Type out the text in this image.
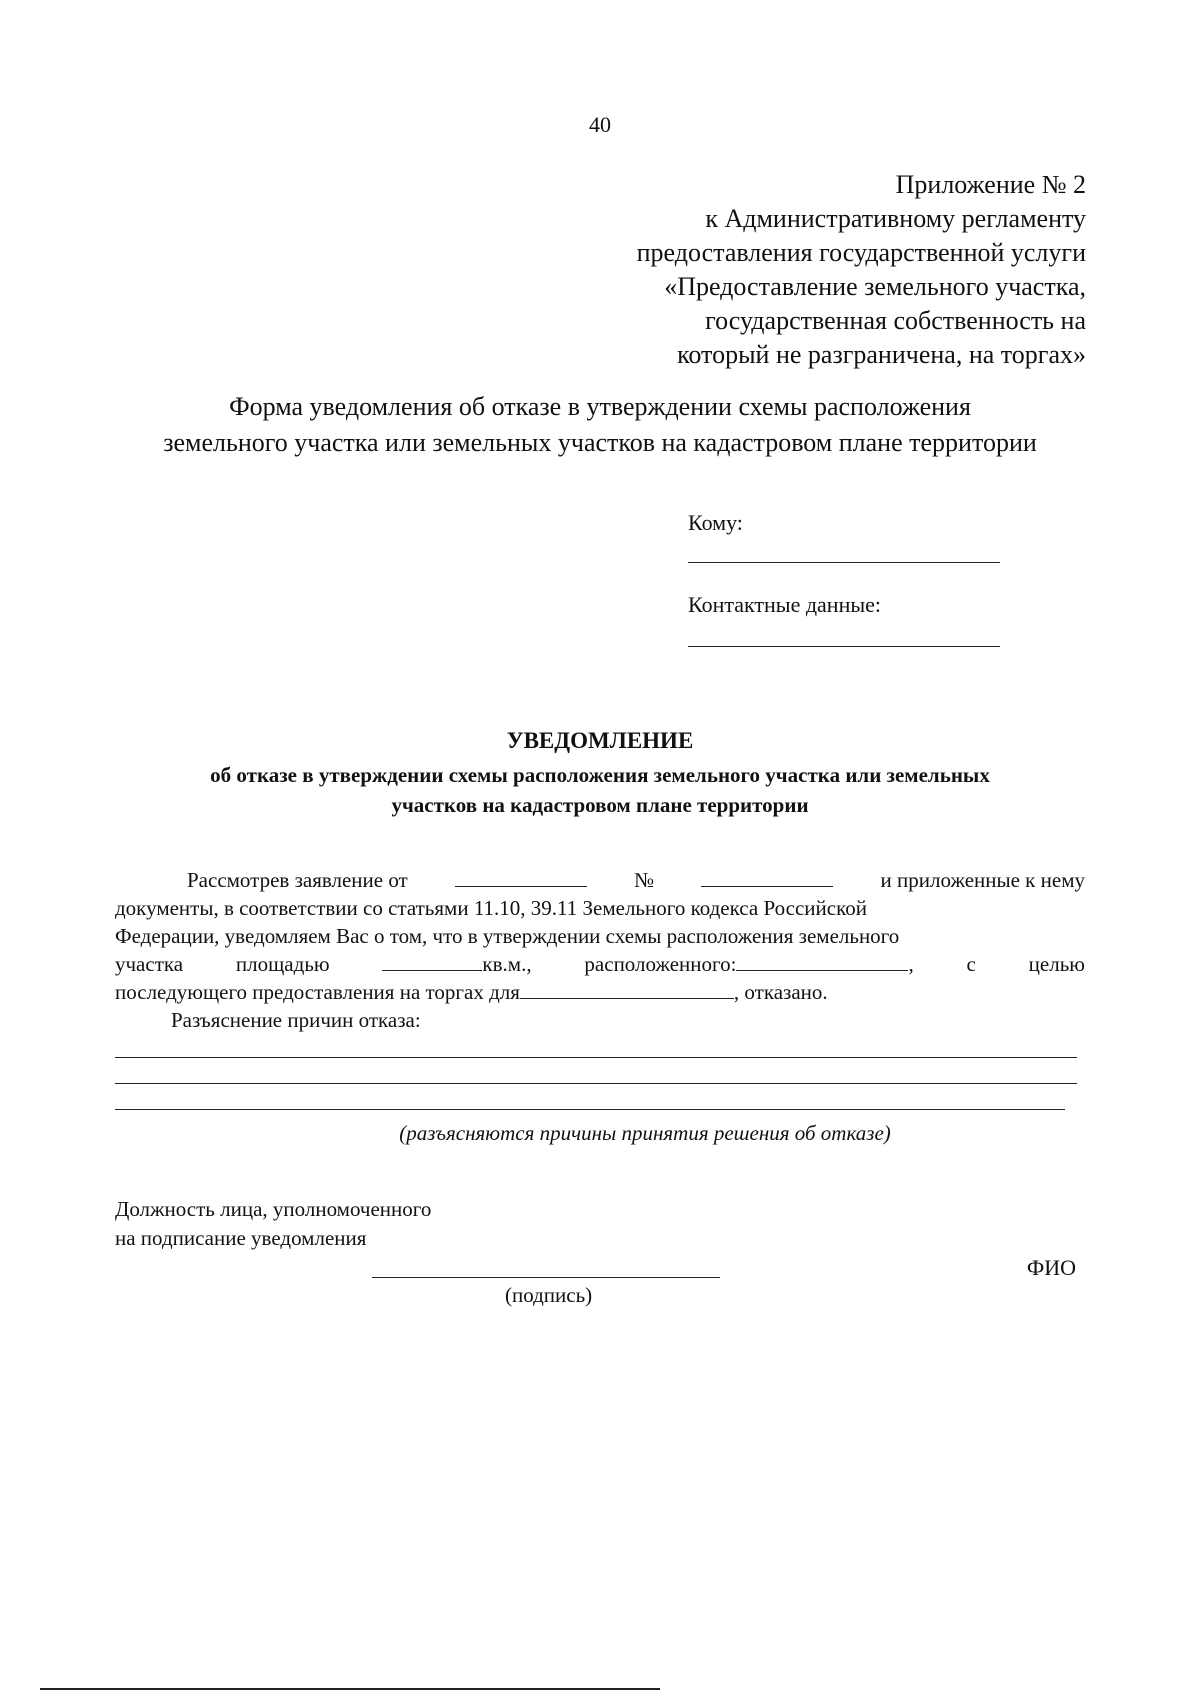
40
Приложение № 2
к Административному регламенту
предоставления государственной услуги
«Предоставление земельного участка,
государственная собственность на
который не разграничена, на торгах»
Форма уведомления об отказе в утверждении схемы расположения
земельного участка или земельных участков на кадастровом плане территории
Кому:
Контактные данные:
УВЕДОМЛЕНИЕ
об отказе в утверждении схемы расположения земельного участка или земельных
участков на кадастровом плане территории
Рассмотрев заявление от	№	и приложенные к нему
документы, в соответствии со статьями 11.10, 39.11 Земельного кодекса Российской
Федерации, уведомляем Вас о том, что в утверждении схемы расположения земельного
участка	площадью	кв.м.,	расположенного:	,	с	целью
последующего предоставления на торгах для	, отказано.
Разъяснение причин отказа:
(разъясняются причины принятия решения об отказе)
Должность лица, уполномоченного
на подписание уведомления
(подпись)
ФИО
